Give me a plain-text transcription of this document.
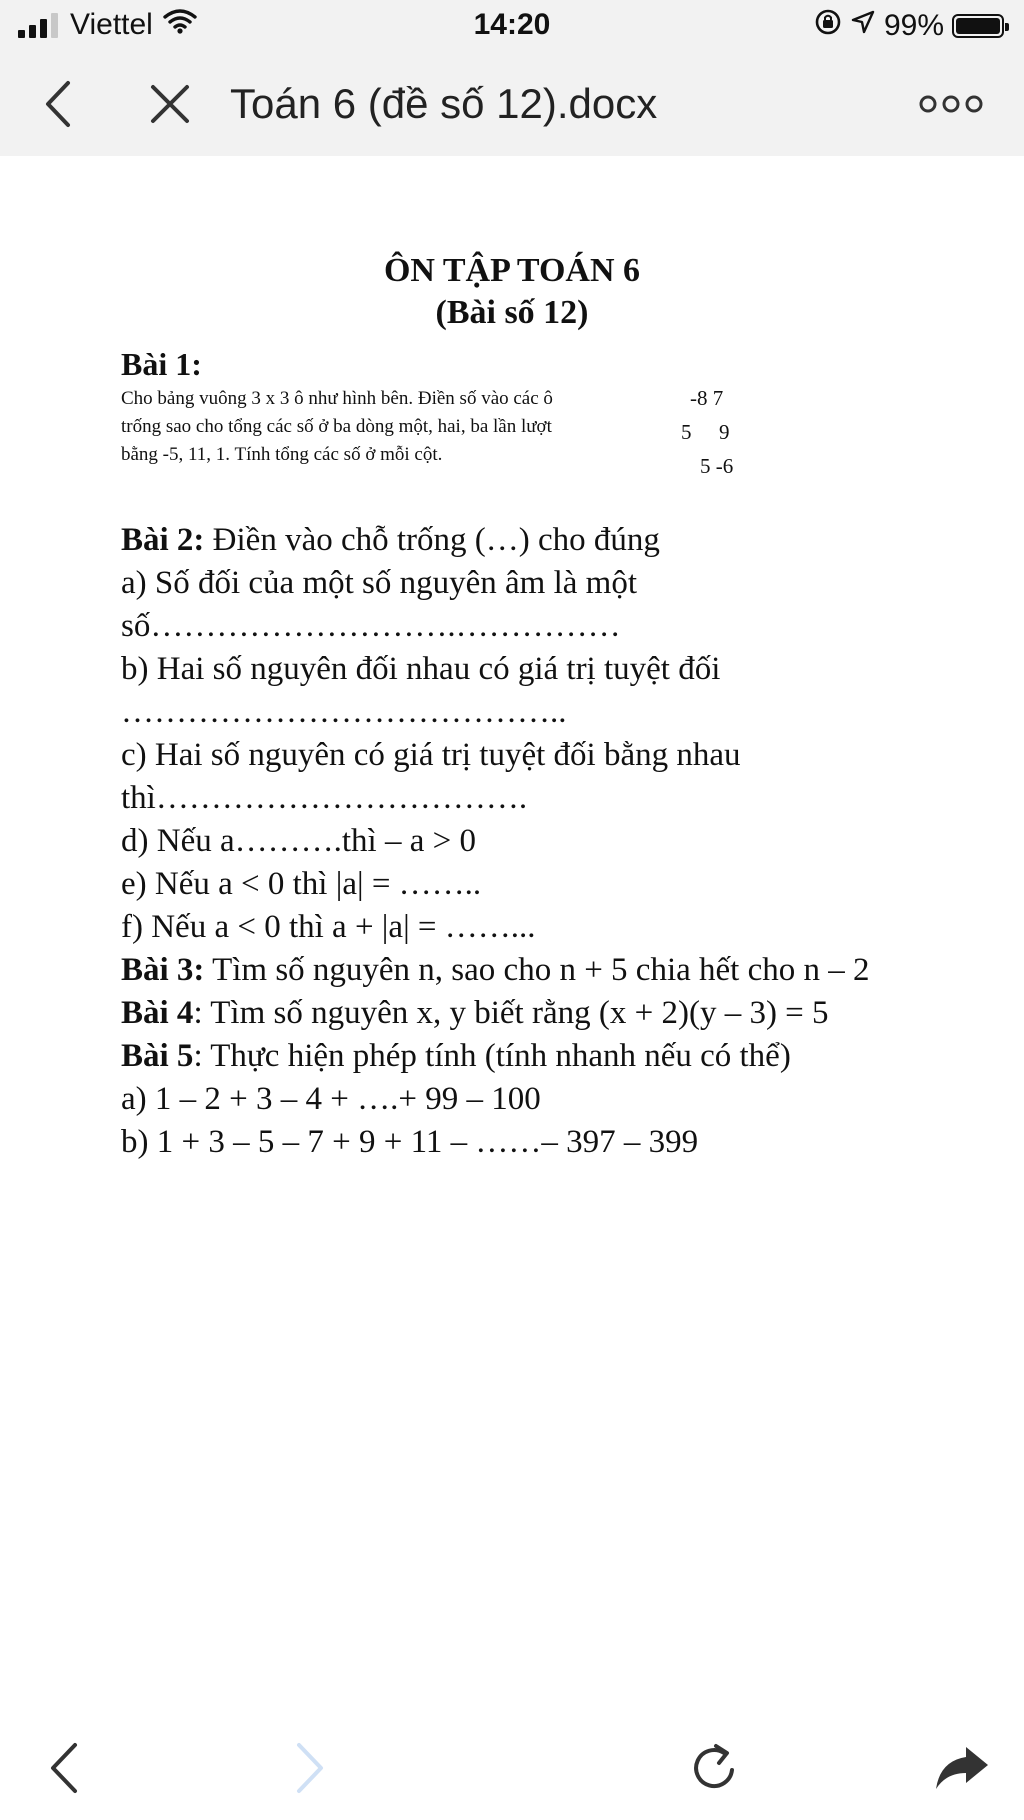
Viettel	14:20	99%
Toán 6 (đề số 12).docx
ÔN TẬP TOÁN 6
(Bài số 12)
Bài 1:
Cho bảng vuông 3 x 3 ô như hình bên. Điền số vào các ô
trống sao cho tổng các số ở ba dòng một, hai, ba lần lượt
bằng -5, 11, 1. Tính tổng các số ở mỗi cột.
-8 7
5 9
5 -6
Bài 2: Điền vào chỗ trống (…) cho đúng
a) Số đối của một số nguyên âm là một
số……………………….……………
b) Hai số nguyên đối nhau có giá trị tuyệt đối
…………………………………..
c) Hai số nguyên có giá trị tuyệt đối bằng nhau
thì…………………………….
d) Nếu a……….thì – a > 0
e) Nếu a < 0 thì |a| = ……..
f) Nếu a < 0 thì a + |a| = ……...
Bài 3: Tìm số nguyên n, sao cho n + 5 chia hết cho n – 2
Bài 4: Tìm số nguyên x, y biết rằng (x + 2)(y – 3) = 5
Bài 5: Thực hiện phép tính (tính nhanh nếu có thể)
a) 1 – 2 + 3 – 4 + ….+ 99 – 100
b) 1 + 3 – 5 – 7 + 9 + 11 – ……– 397 – 399
